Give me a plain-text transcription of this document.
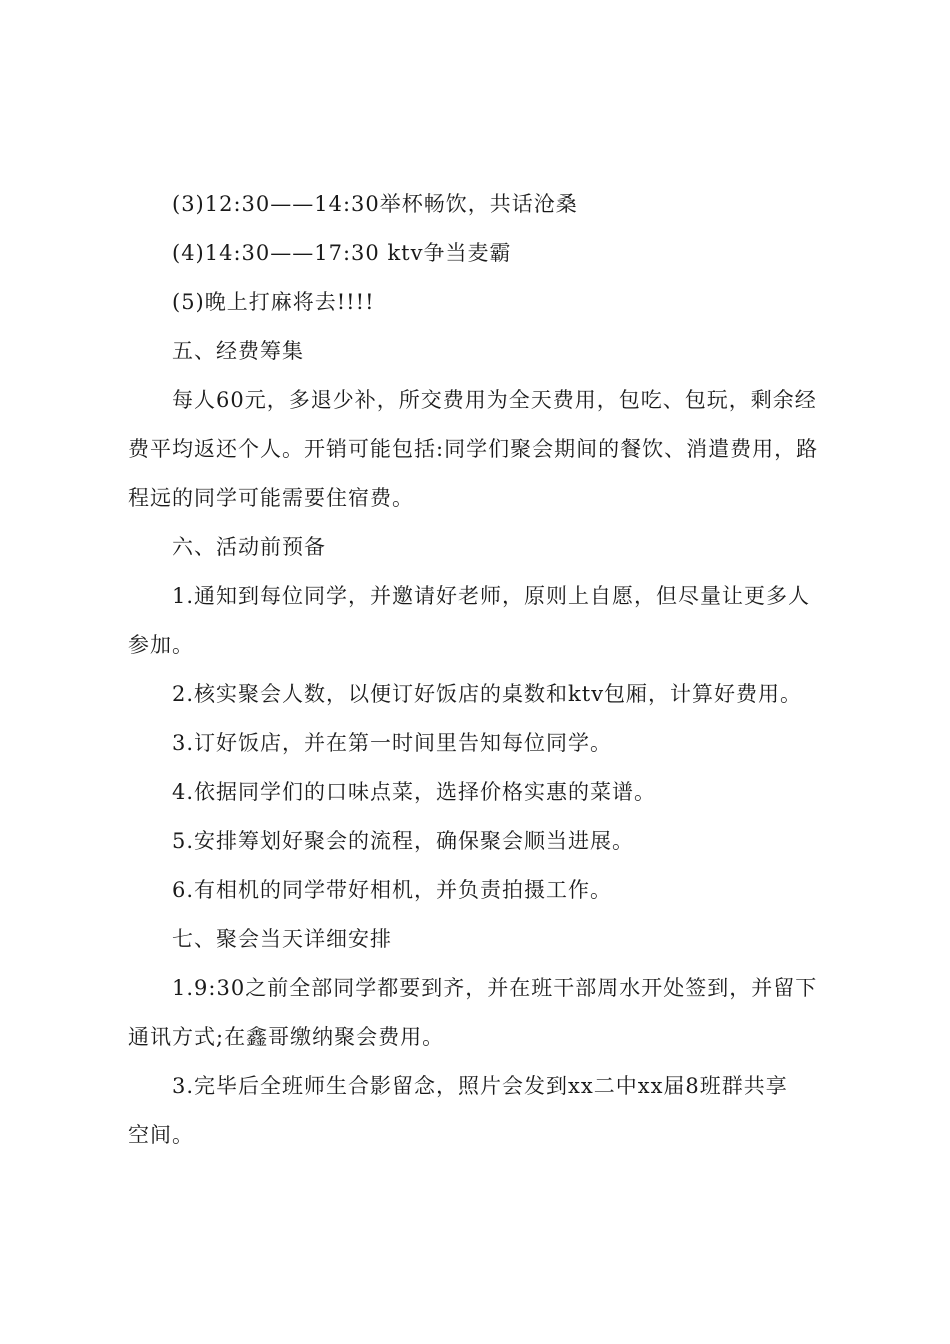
(3)12:30——14:30举杯畅饮，共话沧桑
(4)14:30——17:30 ktv争当麦霸
(5)晚上打麻将去!!!!
五、经费筹集
每人60元，多退少补，所交费用为全天费用，包吃、包玩，剩余经
费平均返还个人。开销可能包括:同学们聚会期间的餐饮、消遣费用，路
程远的同学可能需要住宿费。
六、活动前预备
1.通知到每位同学，并邀请好老师，原则上自愿，但尽量让更多人
参加。
2.核实聚会人数，以便订好饭店的桌数和ktv包厢，计算好费用。
3.订好饭店，并在第一时间里告知每位同学。
4.依据同学们的口味点菜，选择价格实惠的菜谱。
5.安排筹划好聚会的流程，确保聚会顺当进展。
6.有相机的同学带好相机，并负责拍摄工作。
七、聚会当天详细安排
1.9:30之前全部同学都要到齐，并在班干部周水开处签到，并留下
通讯方式;在鑫哥缴纳聚会费用。
3.完毕后全班师生合影留念，照片会发到xx二中xx届8班群共享
空间。
